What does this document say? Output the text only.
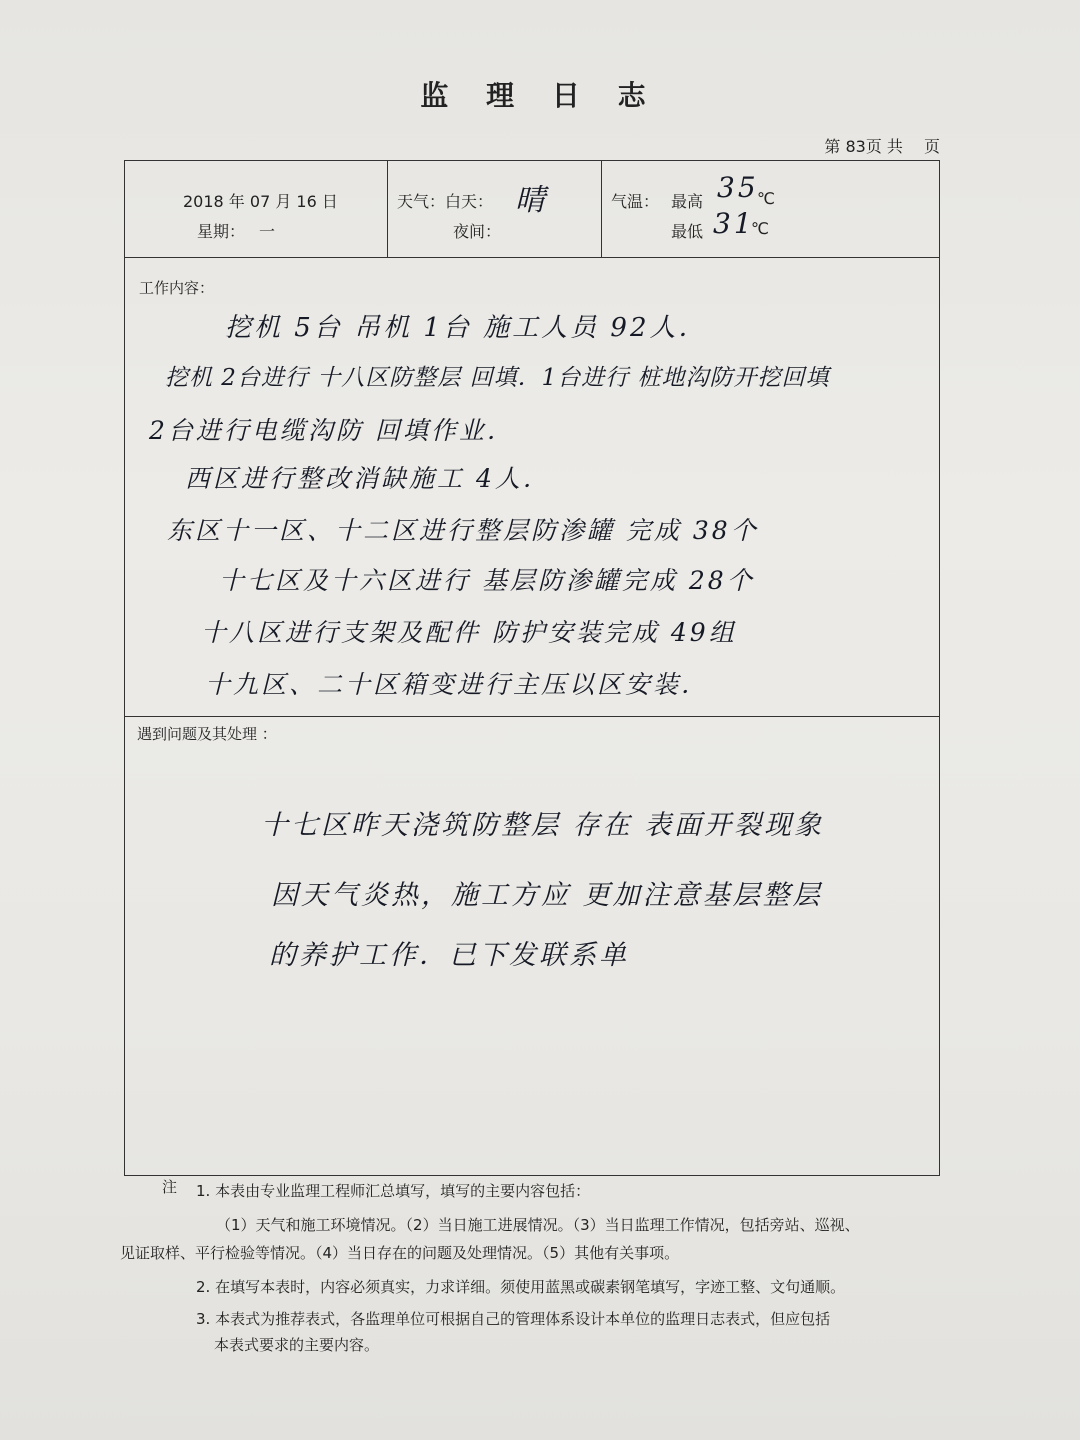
监 理 日 志
第 83页 共　 页
2018 年 07 月 16 日
星期： 一
天气：白天： 晴
夜间：
气温： 最高 35
℃
最低 31
℃
工作内容：
挖机 5台 吊机 1台 施工人员 92人．
挖机 2台进行 十八区防整层 回填．1台进行 桩地沟防开挖回填
2台进行电缆沟防 回填作业．
西区进行整改消缺施工 4人．
东区十一区、十二区进行整层防渗罐 完成 38个
十七区及十六区进行 基层防渗罐完成 28个
十八区进行支架及配件 防护安装完成 49组
十九区、二十区箱变进行主压以区安装．
遇到问题及其处理 ：
十七区昨天浇筑防整层 存在 表面开裂现象
因天气炎热，施工方应 更加注意基层整层
的养护工作．已下发联系单
注 1. 本表由专业监理工程师汇总填写，填写的主要内容包括：
（1）天气和施工环境情况。（2）当日施工进展情况。（3）当日监理工作情况，包括旁站、巡视、
见证取样、平行检验等情况。（4）当日存在的问题及处理情况。（5）其他有关事项。
2. 在填写本表时，内容必须真实，力求详细。须使用蓝黑或碳素钢笔填写，字迹工整、文句通顺。
3. 本表式为推荐表式，各监理单位可根据自己的管理体系设计本单位的监理日志表式，但应包括
本表式要求的主要内容。
